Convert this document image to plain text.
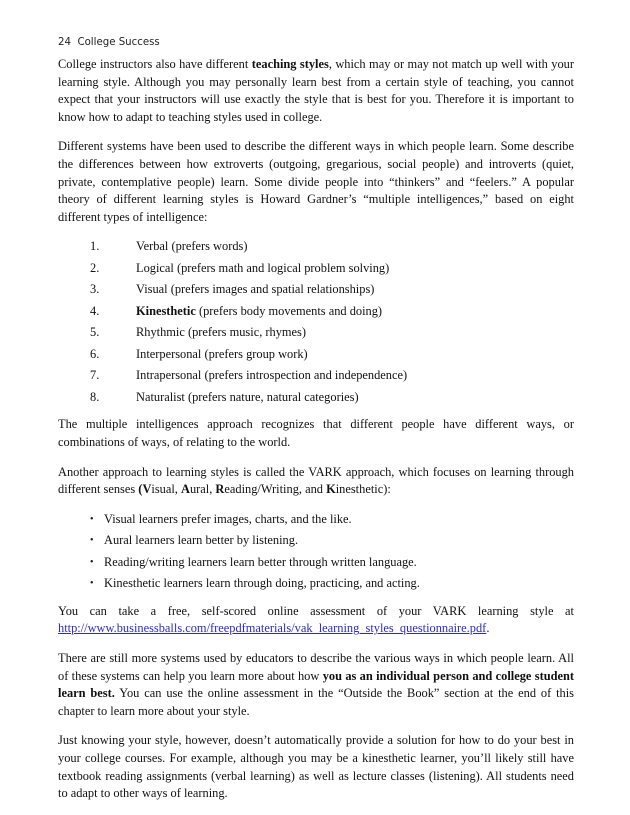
24 College Success

College instructors also have different teaching styles, which may or may not match up well with your learning style. Although you may personally learn best from a certain style of teaching, you cannot expect that your instructors will use exactly the style that is best for you. Therefore it is important to know how to adapt to teaching styles used in college.

Different systems have been used to describe the different ways in which people learn. Some describe the differences between how extroverts (outgoing, gregarious, social people) and introverts (quiet, private, contemplative people) learn. Some divide people into “thinkers” and “feelers.” A popular theory of different learning styles is Howard Gardner’s “multiple intelligences,” based on eight different types of intelligence:

1.	Verbal (prefers words)
2.	Logical (prefers math and logical problem solving)
3.	Visual (prefers images and spatial relationships)
4.	Kinesthetic (prefers body movements and doing)
5.	Rhythmic (prefers music, rhymes)
6.	Interpersonal (prefers group work)
7.	Intrapersonal (prefers introspection and independence)
8.	Naturalist (prefers nature, natural categories)

The multiple intelligences approach recognizes that different people have different ways, or combinations of ways, of relating to the world.

Another approach to learning styles is called the VARK approach, which focuses on learning through different senses (Visual, Aural, Reading/Writing, and Kinesthetic):

• Visual learners prefer images, charts, and the like.
• Aural learners learn better by listening.
• Reading/writing learners learn better through written language.
• Kinesthetic learners learn through doing, practicing, and acting.

You can take a free, self-scored online assessment of your VARK learning style at http://www.businessballs.com/freepdfmaterials/vak_learning_styles_questionnaire.pdf.

There are still more systems used by educators to describe the various ways in which people learn. All of these systems can help you learn more about how you as an individual person and college student learn best. You can use the online assessment in the “Outside the Book” section at the end of this chapter to learn more about your style.

Just knowing your style, however, doesn’t automatically provide a solution for how to do your best in your college courses. For example, although you may be a kinesthetic learner, you’ll likely still have textbook reading assignments (verbal learning) as well as lecture classes (listening). All students need to adapt to other ways of learning.
